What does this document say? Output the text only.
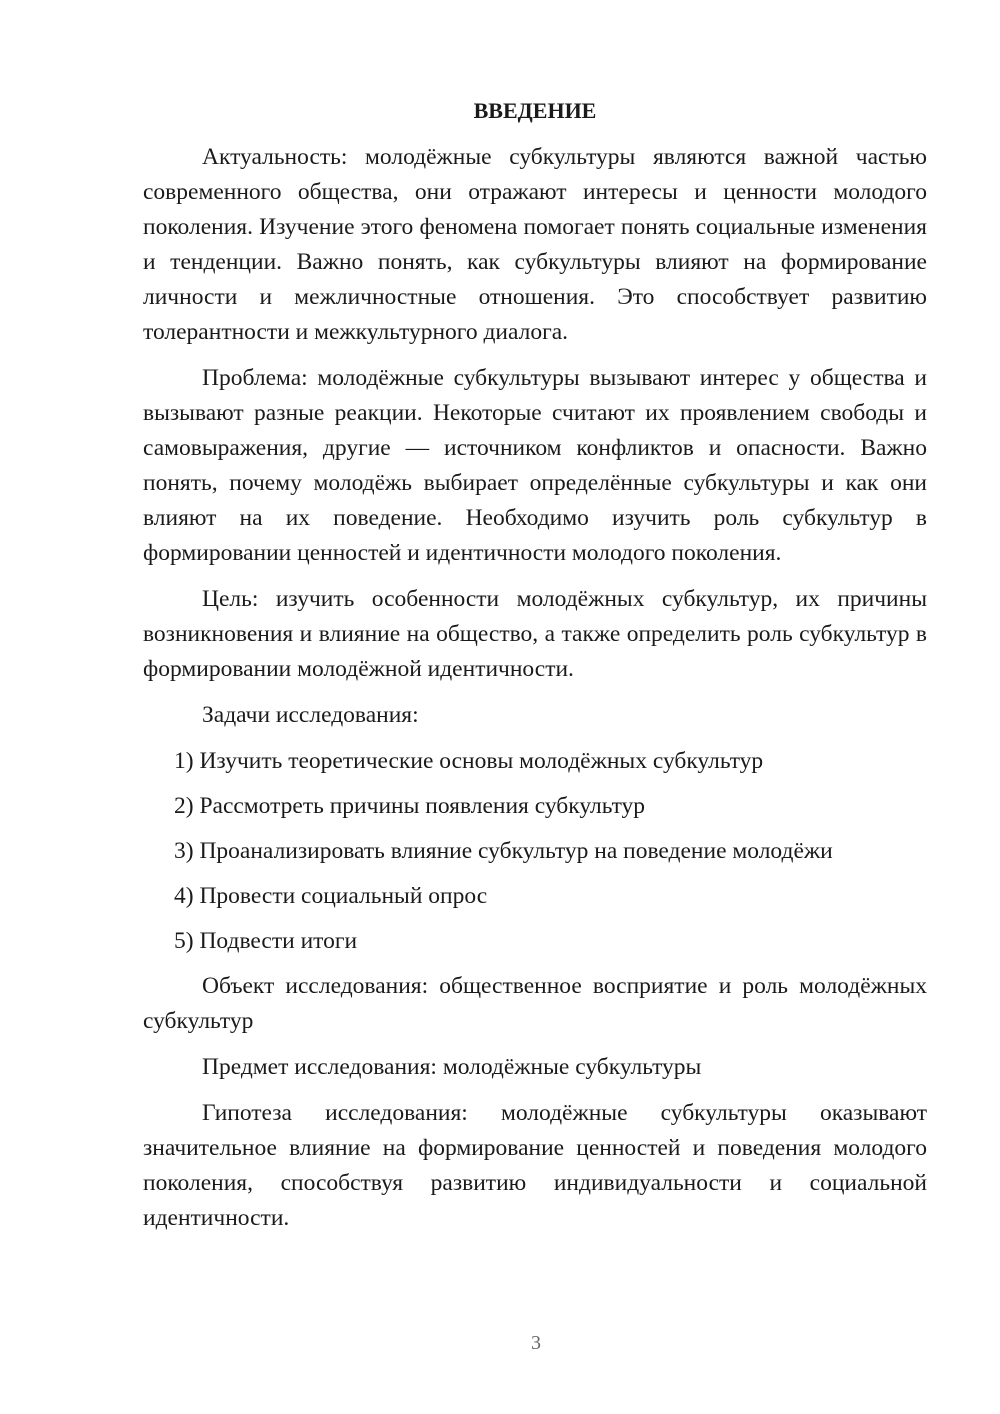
ВВЕДЕНИЕ

Актуальность: молодёжные субкультуры являются важной частью современного общества, они отражают интересы и ценности молодого поколения. Изучение этого феномена помогает понять социальные изменения и тенденции. Важно понять, как субкультуры влияют на формирование личности и межличностные отношения. Это способствует развитию толерантности и межкультурного диалога.

Проблема: молодёжные субкультуры вызывают интерес у общества и вызывают разные реакции. Некоторые считают их проявлением свободы и самовыражения, другие — источником конфликтов и опасности. Важно понять, почему молодёжь выбирает определённые субкультуры и как они влияют на их поведение. Необходимо изучить роль субкультур в формировании ценностей и идентичности молодого поколения.

Цель: изучить особенности молодёжных субкультур, их причины возникновения и влияние на общество, а также определить роль субкультур в формировании молодёжной идентичности.

Задачи исследования:

1) Изучить теоретические основы молодёжных субкультур

2) Рассмотреть причины появления субкультур

3) Проанализировать влияние субкультур на поведение молодёжи

4) Провести социальный опрос

5) Подвести итоги

Объект исследования: общественное восприятие и роль молодёжных субкультур

Предмет исследования: молодёжные субкультуры

Гипотеза исследования: молодёжные субкультуры оказывают значительное влияние на формирование ценностей и поведения молодого поколения, способствуя развитию индивидуальности и социальной идентичности.

3
